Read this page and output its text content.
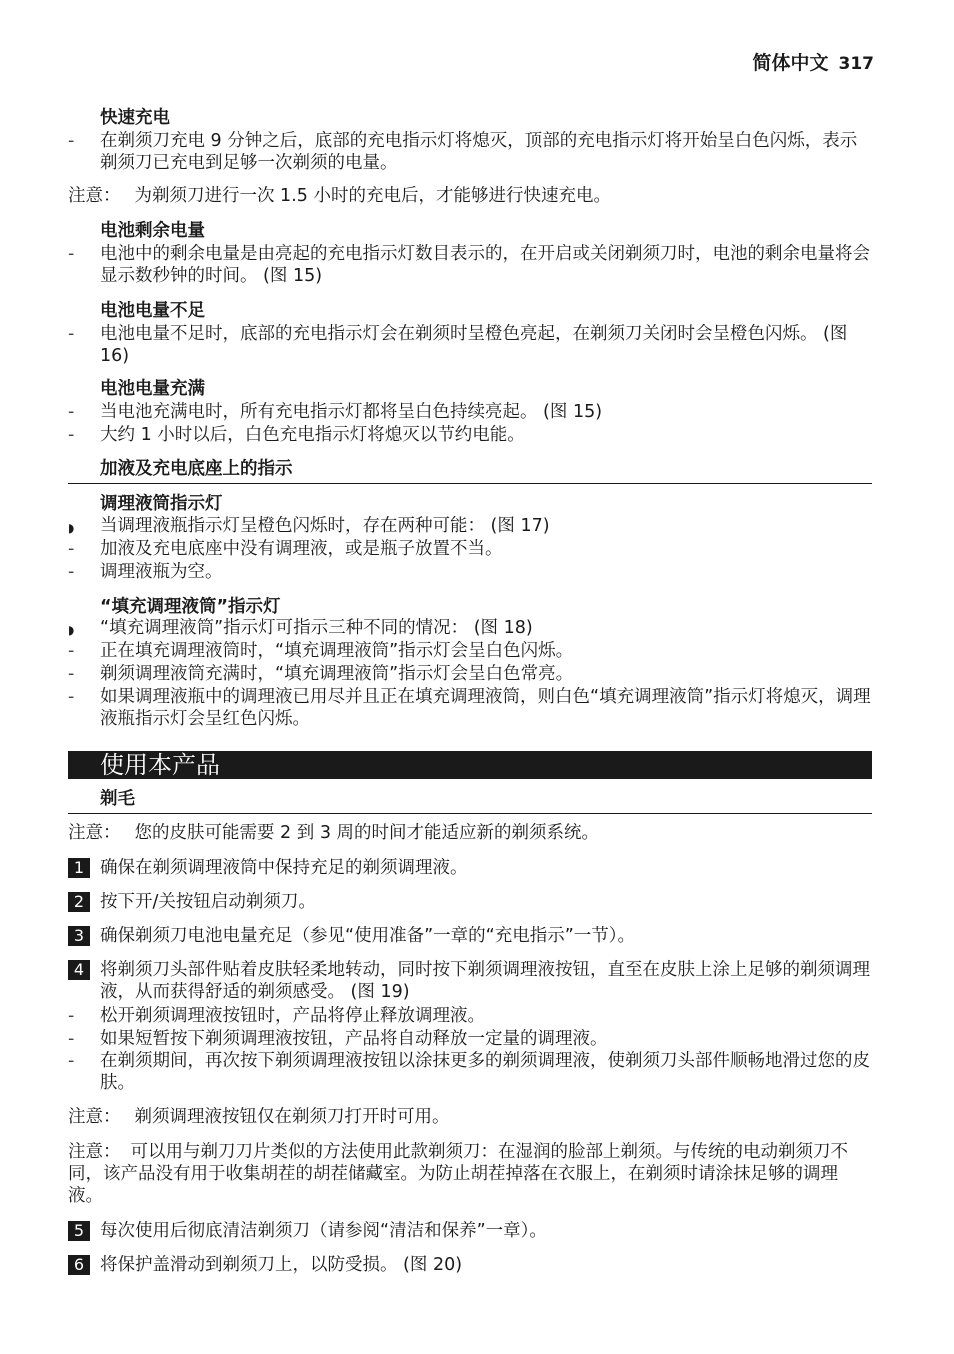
简体中文 317
快速充电
-	在剃须刀充电 9 分钟之后，底部的充电指示灯将熄灭，顶部的充电指示灯将开始呈白色闪烁，表示剃须刀已充电到足够一次剃须的电量。
注意： 为剃须刀进行一次 1.5 小时的充电后，才能够进行快速充电。
电池剩余电量
-	电池中的剩余电量是由亮起的充电指示灯数目表示的，在开启或关闭剃须刀时，电池的剩余电量将会显示数秒钟的时间。 (图 15)
电池电量不足
-	电池电量不足时，底部的充电指示灯会在剃须时呈橙色亮起，在剃须刀关闭时会呈橙色闪烁。 (图 16)
电池电量充满
-	当电池充满电时，所有充电指示灯都将呈白色持续亮起。 (图 15)
-	大约 1 小时以后，白色充电指示灯将熄灭以节约电能。
加液及充电底座上的指示
调理液筒指示灯
◗	当调理液瓶指示灯呈橙色闪烁时，存在两种可能： (图 17)
-	加液及充电底座中没有调理液，或是瓶子放置不当。
-	调理液瓶为空。
“填充调理液筒”指示灯
◗	“填充调理液筒”指示灯可指示三种不同的情况： (图 18)
-	正在填充调理液筒时，“填充调理液筒”指示灯会呈白色闪烁。
-	剃须调理液筒充满时，“填充调理液筒”指示灯会呈白色常亮。
-	如果调理液瓶中的调理液已用尽并且正在填充调理液筒，则白色“填充调理液筒”指示灯将熄灭，调理液瓶指示灯会呈红色闪烁。
使用本产品
剃毛
注意： 您的皮肤可能需要 2 到 3 周的时间才能适应新的剃须系统。
1 确保在剃须调理液筒中保持充足的剃须调理液。
2 按下开/关按钮启动剃须刀。
3 确保剃须刀电池电量充足（参见“使用准备”一章的“充电指示”一节）。
4 将剃须刀头部件贴着皮肤轻柔地转动，同时按下剃须调理液按钮，直至在皮肤上涂上足够的剃须调理液，从而获得舒适的剃须感受。 (图 19)
-	松开剃须调理液按钮时，产品将停止释放调理液。
-	如果短暂按下剃须调理液按钮，产品将自动释放一定量的调理液。
-	在剃须期间，再次按下剃须调理液按钮以涂抹更多的剃须调理液，使剃须刀头部件顺畅地滑过您的皮肤。
注意： 剃须调理液按钮仅在剃须刀打开时可用。
注意： 可以用与剃刀刀片类似的方法使用此款剃须刀：在湿润的脸部上剃须。与传统的电动剃须刀不同，该产品没有用于收集胡茬的胡茬储藏室。为防止胡茬掉落在衣服上，在剃须时请涂抹足够的调理液。
5 每次使用后彻底清洁剃须刀（请参阅“清洁和保养”一章）。
6 将保护盖滑动到剃须刀上，以防受损。 (图 20)
